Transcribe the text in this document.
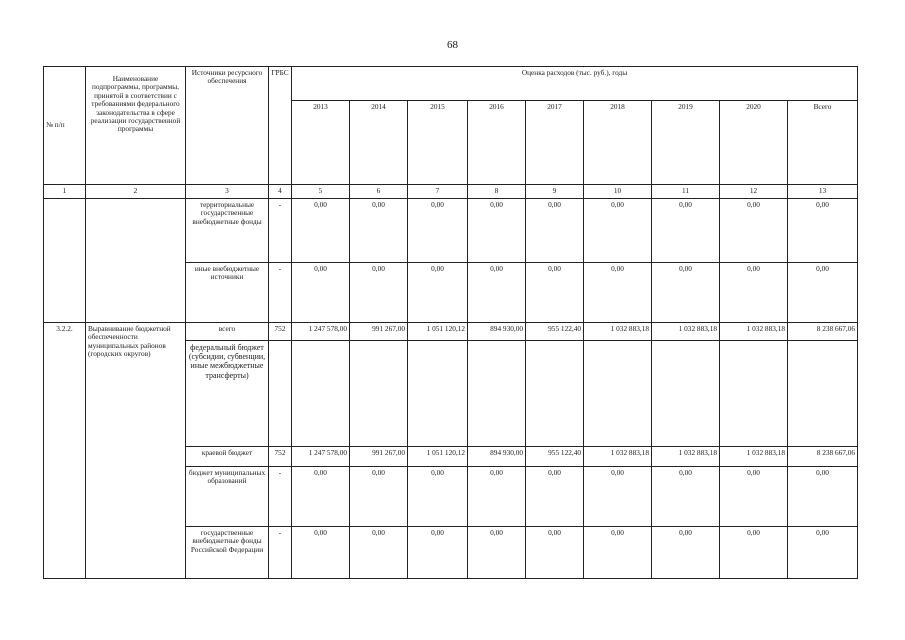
68
№ п/п	Наименование подпрограммы, программы, принятой в соответствии с требованиями федерального законодательства в сфере реализации государственной программы	Источники ресурсного обеспечения	ГРБС	Оценка расходов (тыс. руб.), годы								
				2013	2014	2015	2016	2017	2018	2019	2020	Всего
1	2	3	4	5	6	7	8	9	10	11	12	13
		территориальные государственные внебюджетные фонды	-	0,00	0,00	0,00	0,00	0,00	0,00	0,00	0,00	0,00
		иные внебюджетные источники	-	0,00	0,00	0,00	0,00	0,00	0,00	0,00	0,00	0,00
3.2.2.	Выравнивание бюджетной обеспеченности муниципальных районов (городских округов)	всего	752	1 247 578,00	991 267,00	1 051 120,12	894 930,00	955 122,40	1 032 883,18	1 032 883,18	1 032 883,18	8 238 667,06
		федеральный бюджет (субсидии, субвенции, иные межбюджетные трансферты)										
		краевой бюджет	752	1 247 578,00	991 267,00	1 051 120,12	894 930,00	955 122,40	1 032 883,18	1 032 883,18	1 032 883,18	8 238 667,06
		бюджет муниципальных образований	-	0,00	0,00	0,00	0,00	0,00	0,00	0,00	0,00	0,00
		государственные внебюджетные фонды Российской Федерации	-	0,00	0,00	0,00	0,00	0,00	0,00	0,00	0,00	0,00
